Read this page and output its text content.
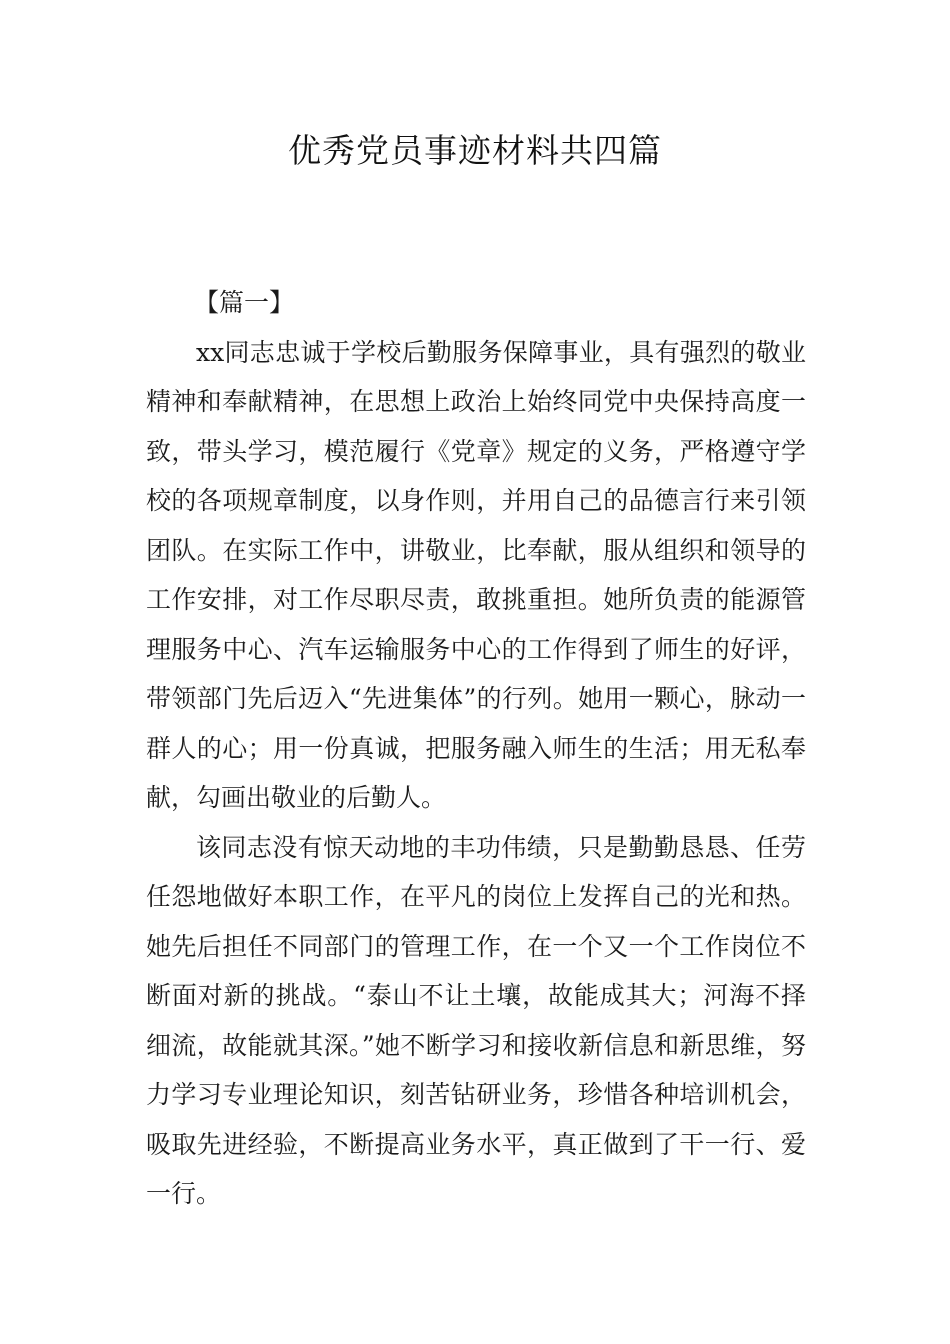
优秀党员事迹材料共四篇

【篇一】

xx同志忠诚于学校后勤服务保障事业，具有强烈的敬业精神和奉献精神，在思想上政治上始终同党中央保持高度一致，带头学习，模范履行《党章》规定的义务，严格遵守学校的各项规章制度，以身作则，并用自己的品德言行来引领团队。在实际工作中，讲敬业，比奉献，服从组织和领导的工作安排，对工作尽职尽责，敢挑重担。她所负责的能源管理服务中心、汽车运输服务中心的工作得到了师生的好评，带领部门先后迈入“先进集体”的行列。她用一颗心，脉动一群人的心；用一份真诚，把服务融入师生的生活；用无私奉献，勾画出敬业的后勤人。

该同志没有惊天动地的丰功伟绩，只是勤勤恳恳、任劳任怨地做好本职工作，在平凡的岗位上发挥自己的光和热。她先后担任不同部门的管理工作，在一个又一个工作岗位不断面对新的挑战。“泰山不让土壤，故能成其大；河海不择细流，故能就其深。”她不断学习和接收新信息和新思维，努力学习专业理论知识，刻苦钻研业务，珍惜各种培训机会，吸取先进经验，不断提高业务水平，真正做到了干一行、爱一行。
